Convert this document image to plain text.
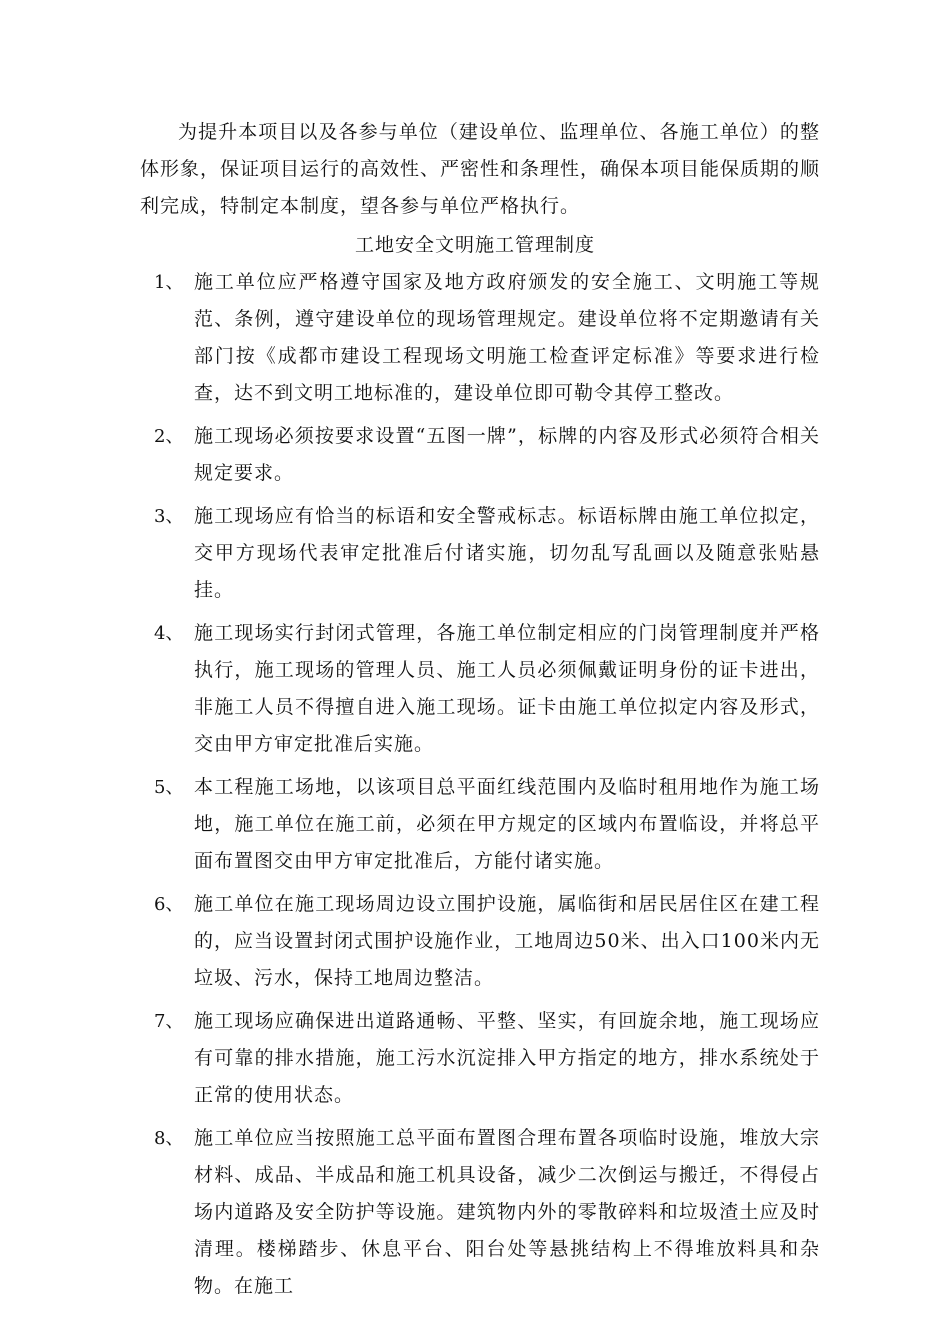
为提升本项目以及各参与单位（建设单位、监理单位、各施工单位）的整体形象，保证项目运行的高效性、严密性和条理性，确保本项目能保质期的顺利完成，特制定本制度，望各参与单位严格执行。

工地安全文明施工管理制度

1、 施工单位应严格遵守国家及地方政府颁发的安全施工、文明施工等规范、条例，遵守建设单位的现场管理规定。建设单位将不定期邀请有关部门按《成都市建设工程现场文明施工检查评定标准》等要求进行检查，达不到文明工地标准的，建设单位即可勒令其停工整改。
2、 施工现场必须按要求设置“五图一牌”，标牌的内容及形式必须符合相关规定要求。
3、 施工现场应有恰当的标语和安全警戒标志。标语标牌由施工单位拟定，交甲方现场代表审定批准后付诸实施，切勿乱写乱画以及随意张贴悬挂。
4、 施工现场实行封闭式管理，各施工单位制定相应的门岗管理制度并严格执行，施工现场的管理人员、施工人员必须佩戴证明身份的证卡进出，非施工人员不得擅自进入施工现场。证卡由施工单位拟定内容及形式，交由甲方审定批准后实施。
5、 本工程施工场地，以该项目总平面红线范围内及临时租用地作为施工场地，施工单位在施工前，必须在甲方规定的区域内布置临设，并将总平面布置图交由甲方审定批准后，方能付诸实施。
6、 施工单位在施工现场周边设立围护设施，属临街和居民居住区在建工程的，应当设置封闭式围护设施作业，工地周边50米、出入口100米内无垃圾、污水，保持工地周边整洁。
7、 施工现场应确保进出道路通畅、平整、坚实，有回旋余地，施工现场应有可靠的排水措施，施工污水沉淀排入甲方指定的地方，排水系统处于正常的使用状态。
8、 施工单位应当按照施工总平面布置图合理布置各项临时设施，堆放大宗材料、成品、半成品和施工机具设备，减少二次倒运与搬迁，不得侵占场内道路及安全防护等设施。建筑物内外的零散碎料和垃圾渣土应及时清理。楼梯踏步、休息平台、阳台处等悬挑结构上不得堆放料具和杂物。在施工
